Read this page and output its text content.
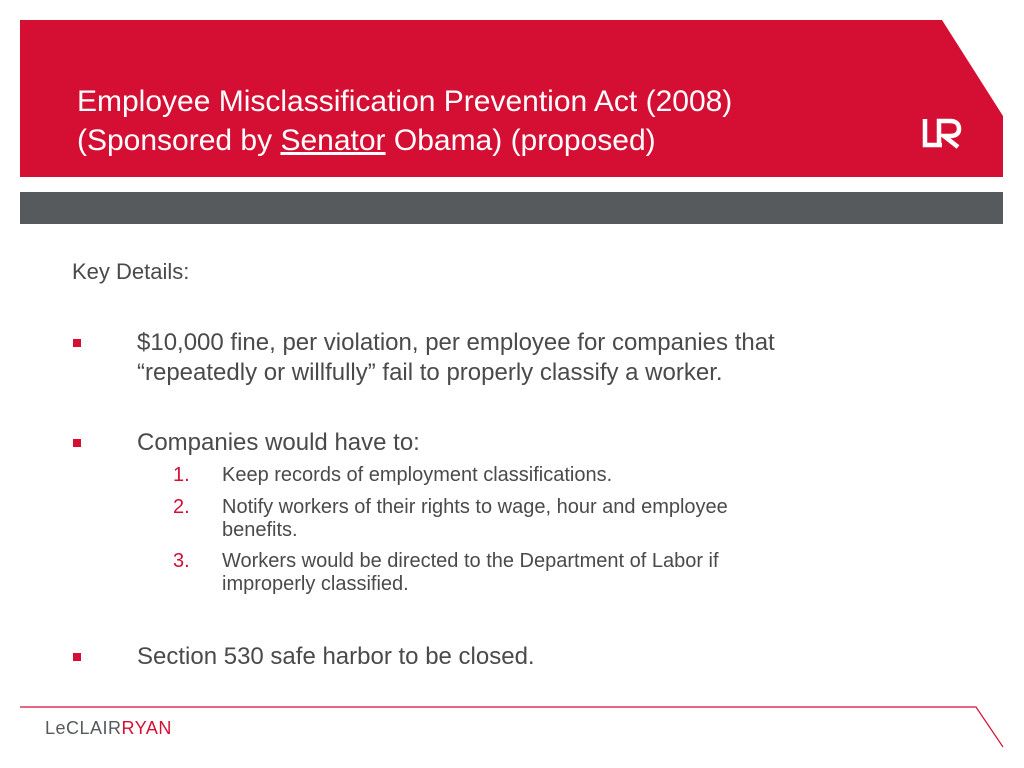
Employee Misclassification Prevention Act (2008)
(Sponsored by Senator Obama) (proposed)
Key Details:
$10,000 fine, per violation, per employee for companies that
“repeatedly or willfully” fail to properly classify a worker.
Companies would have to:
1. Keep records of employment classifications.
2. Notify workers of their rights to wage, hour and employee
benefits.
3. Workers would be directed to the Department of Labor if
improperly classified.
Section 530 safe harbor to be closed.
LeCLAIRRYAN
